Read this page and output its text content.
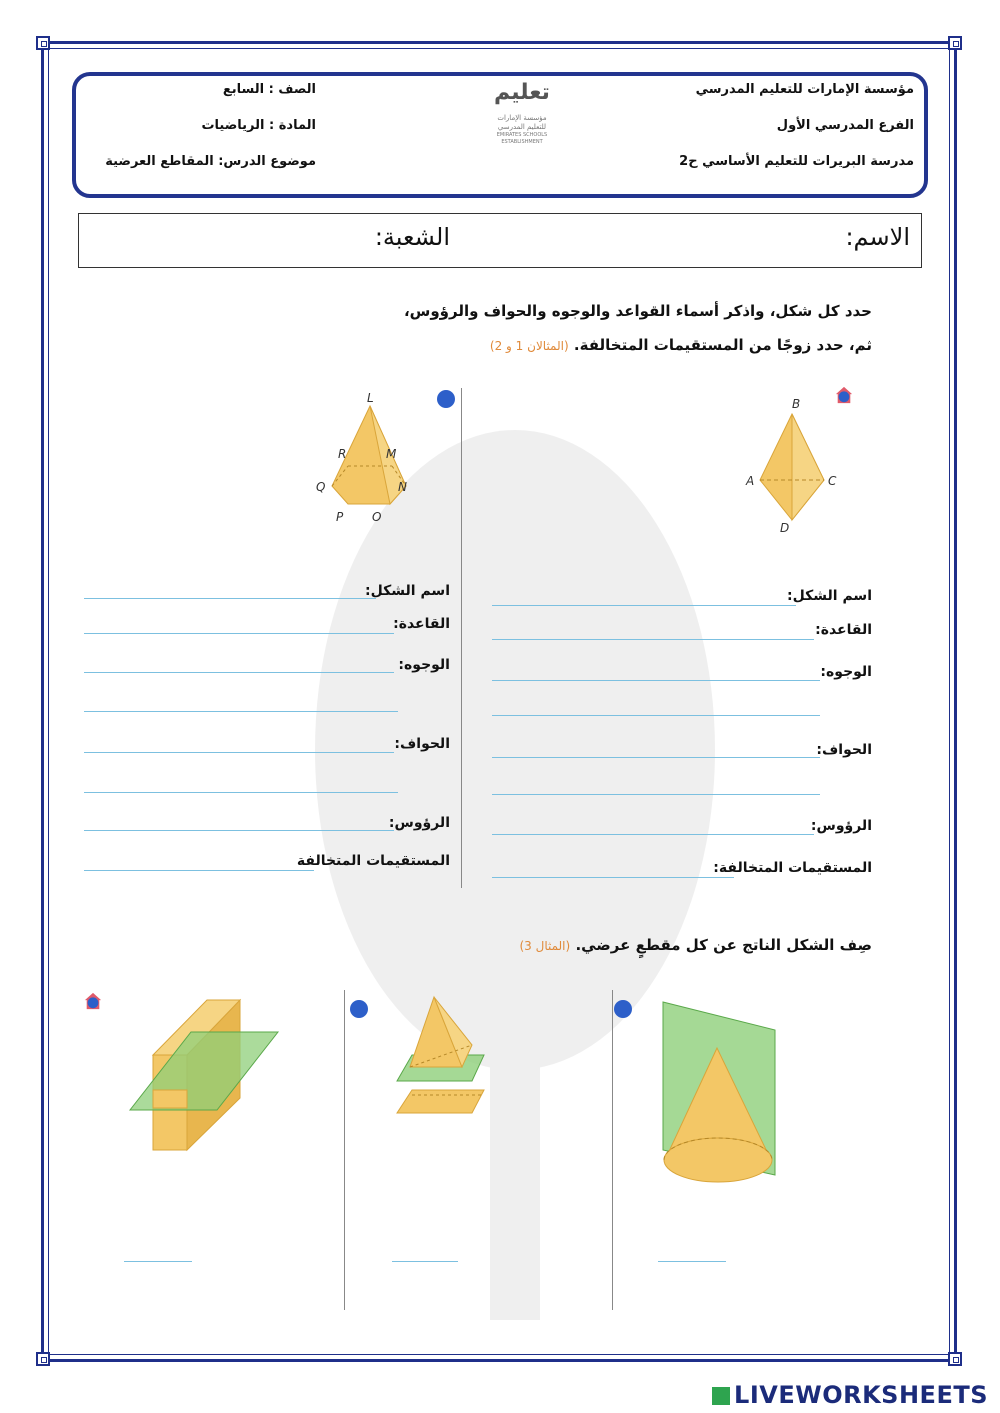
مؤسسة الإمارات للتعليم المدرسي
الفرع المدرسي الأول
مدرسة البريرات للتعليم الأساسي ح2
الصف : السابع
المادة : الرياضيات
موضوع الدرس: المقاطع العرضية
تعليم
مؤسسة الإمارات
للتعليم المدرسي
EMIRATES SCHOOLS
ESTABLISHMENT
الاسم:
الشعبة:
حدد كل شكل، واذكر أسماء القواعد والوجوه والحواف والرؤوس،
ثم، حدد زوجًا من المستقيمات المتخالفة. (المثالان 1 و 2)
B
A	C
D
L
R	M
Q	N
P O
اسم الشكل:
القاعدة:
الوجوه:
الحواف:
الرؤوس:
المستقيمات المتخالفة:
اسم الشكل:
القاعدة:
الوجوه:
الحواف:
الرؤوس:
المستقيمات المتخالفة
صِف الشكل الناتج عن كل مقطعٍ عرضي. (المثال 3)
LIVEWORKSHEETS
